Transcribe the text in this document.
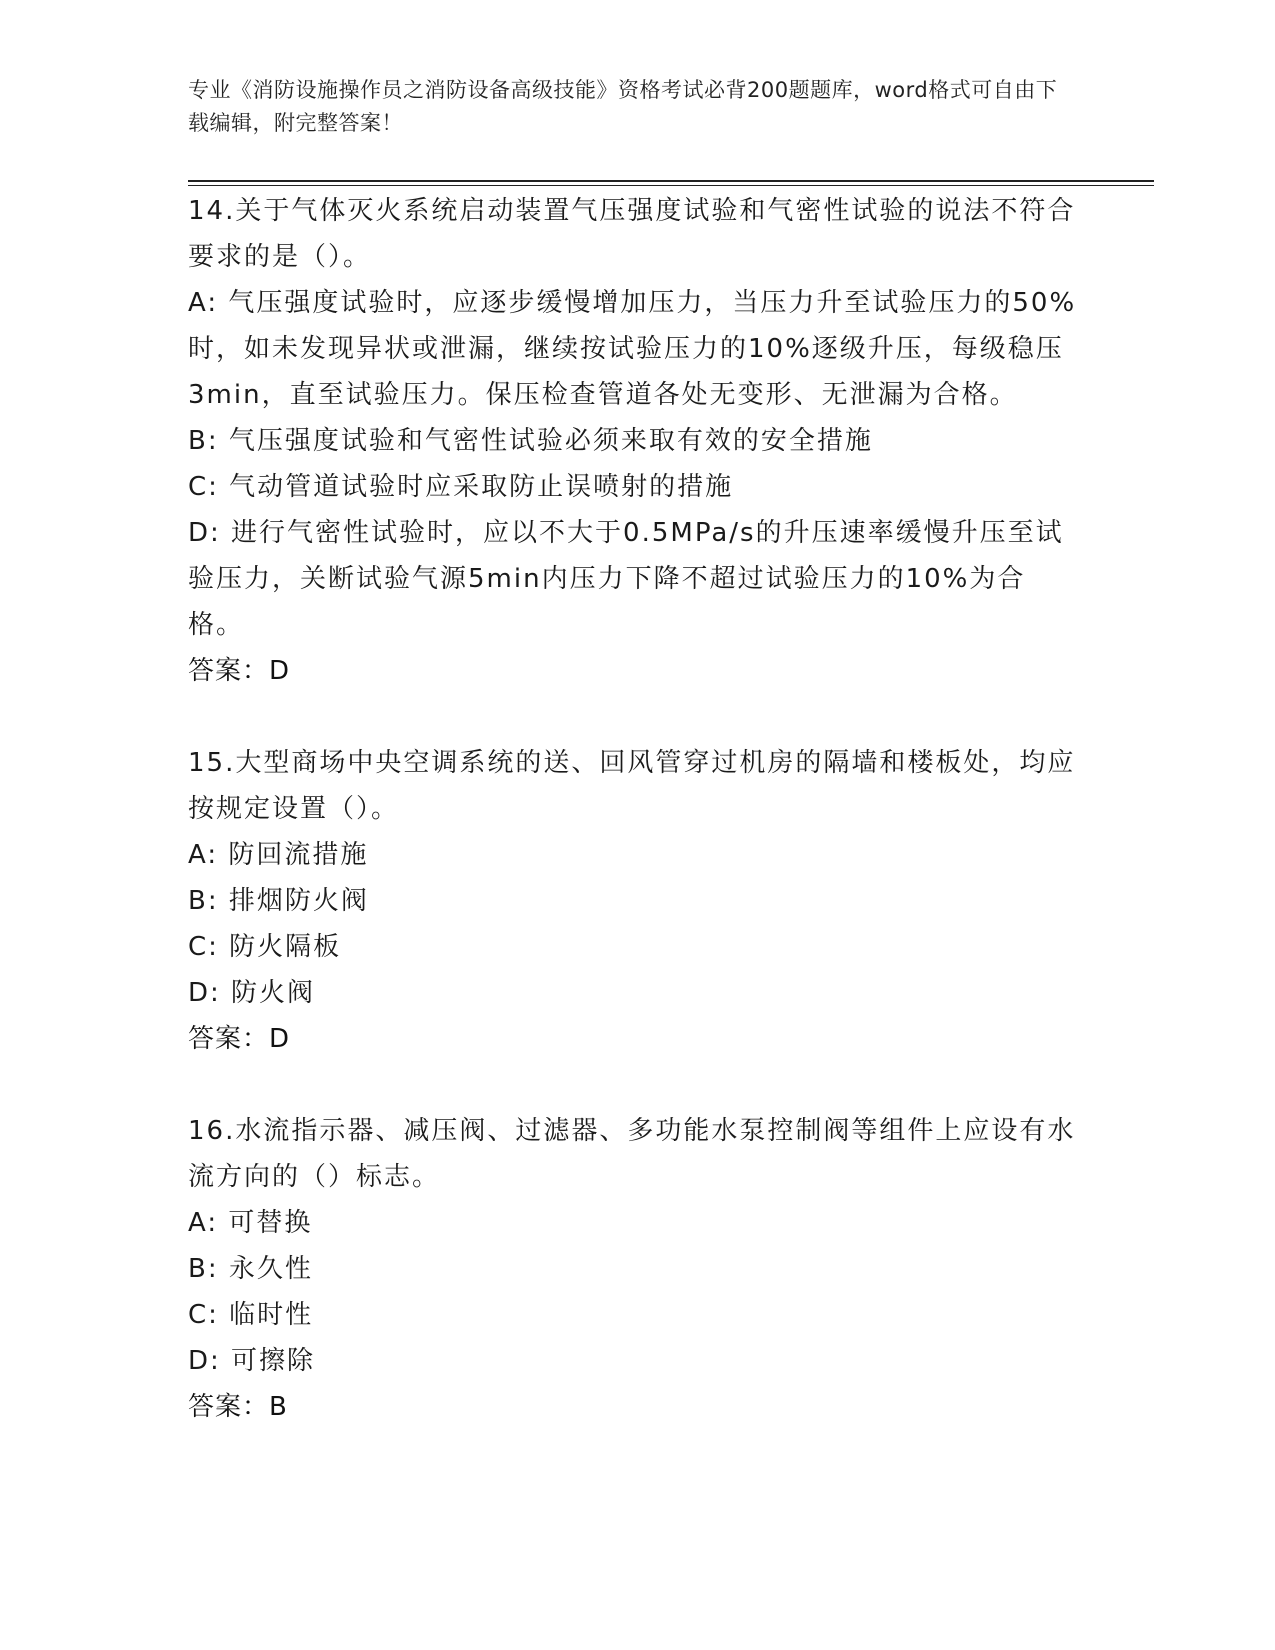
专业《消防设施操作员之消防设备高级技能》资格考试必背200题题库，word格式可自由下载编辑，附完整答案！
14.关于气体灭火系统启动装置气压强度试验和气密性试验的说法不符合要求的是（）。
A: 气压强度试验时，应逐步缓慢增加压力，当压力升至试验压力的50%时，如未发现异状或泄漏，继续按试验压力的10%逐级升压，每级稳压3min，直至试验压力。保压检查管道各处无变形、无泄漏为合格。
B: 气压强度试验和气密性试验必须来取有效的安全措施
C: 气动管道试验时应采取防止误喷射的措施
D: 进行气密性试验时，应以不大于0.5MPa/s的升压速率缓慢升压至试验压力，关断试验气源5min内压力下降不超过试验压力的10%为合格。
答案：D
15.大型商场中央空调系统的送、回风管穿过机房的隔墙和楼板处，均应按规定设置（）。
A: 防回流措施
B: 排烟防火阀
C: 防火隔板
D: 防火阀
答案：D
16.水流指示器、减压阀、过滤器、多功能水泵控制阀等组件上应设有水流方向的（）标志。
A: 可替换
B: 永久性
C: 临时性
D: 可擦除
答案：B
